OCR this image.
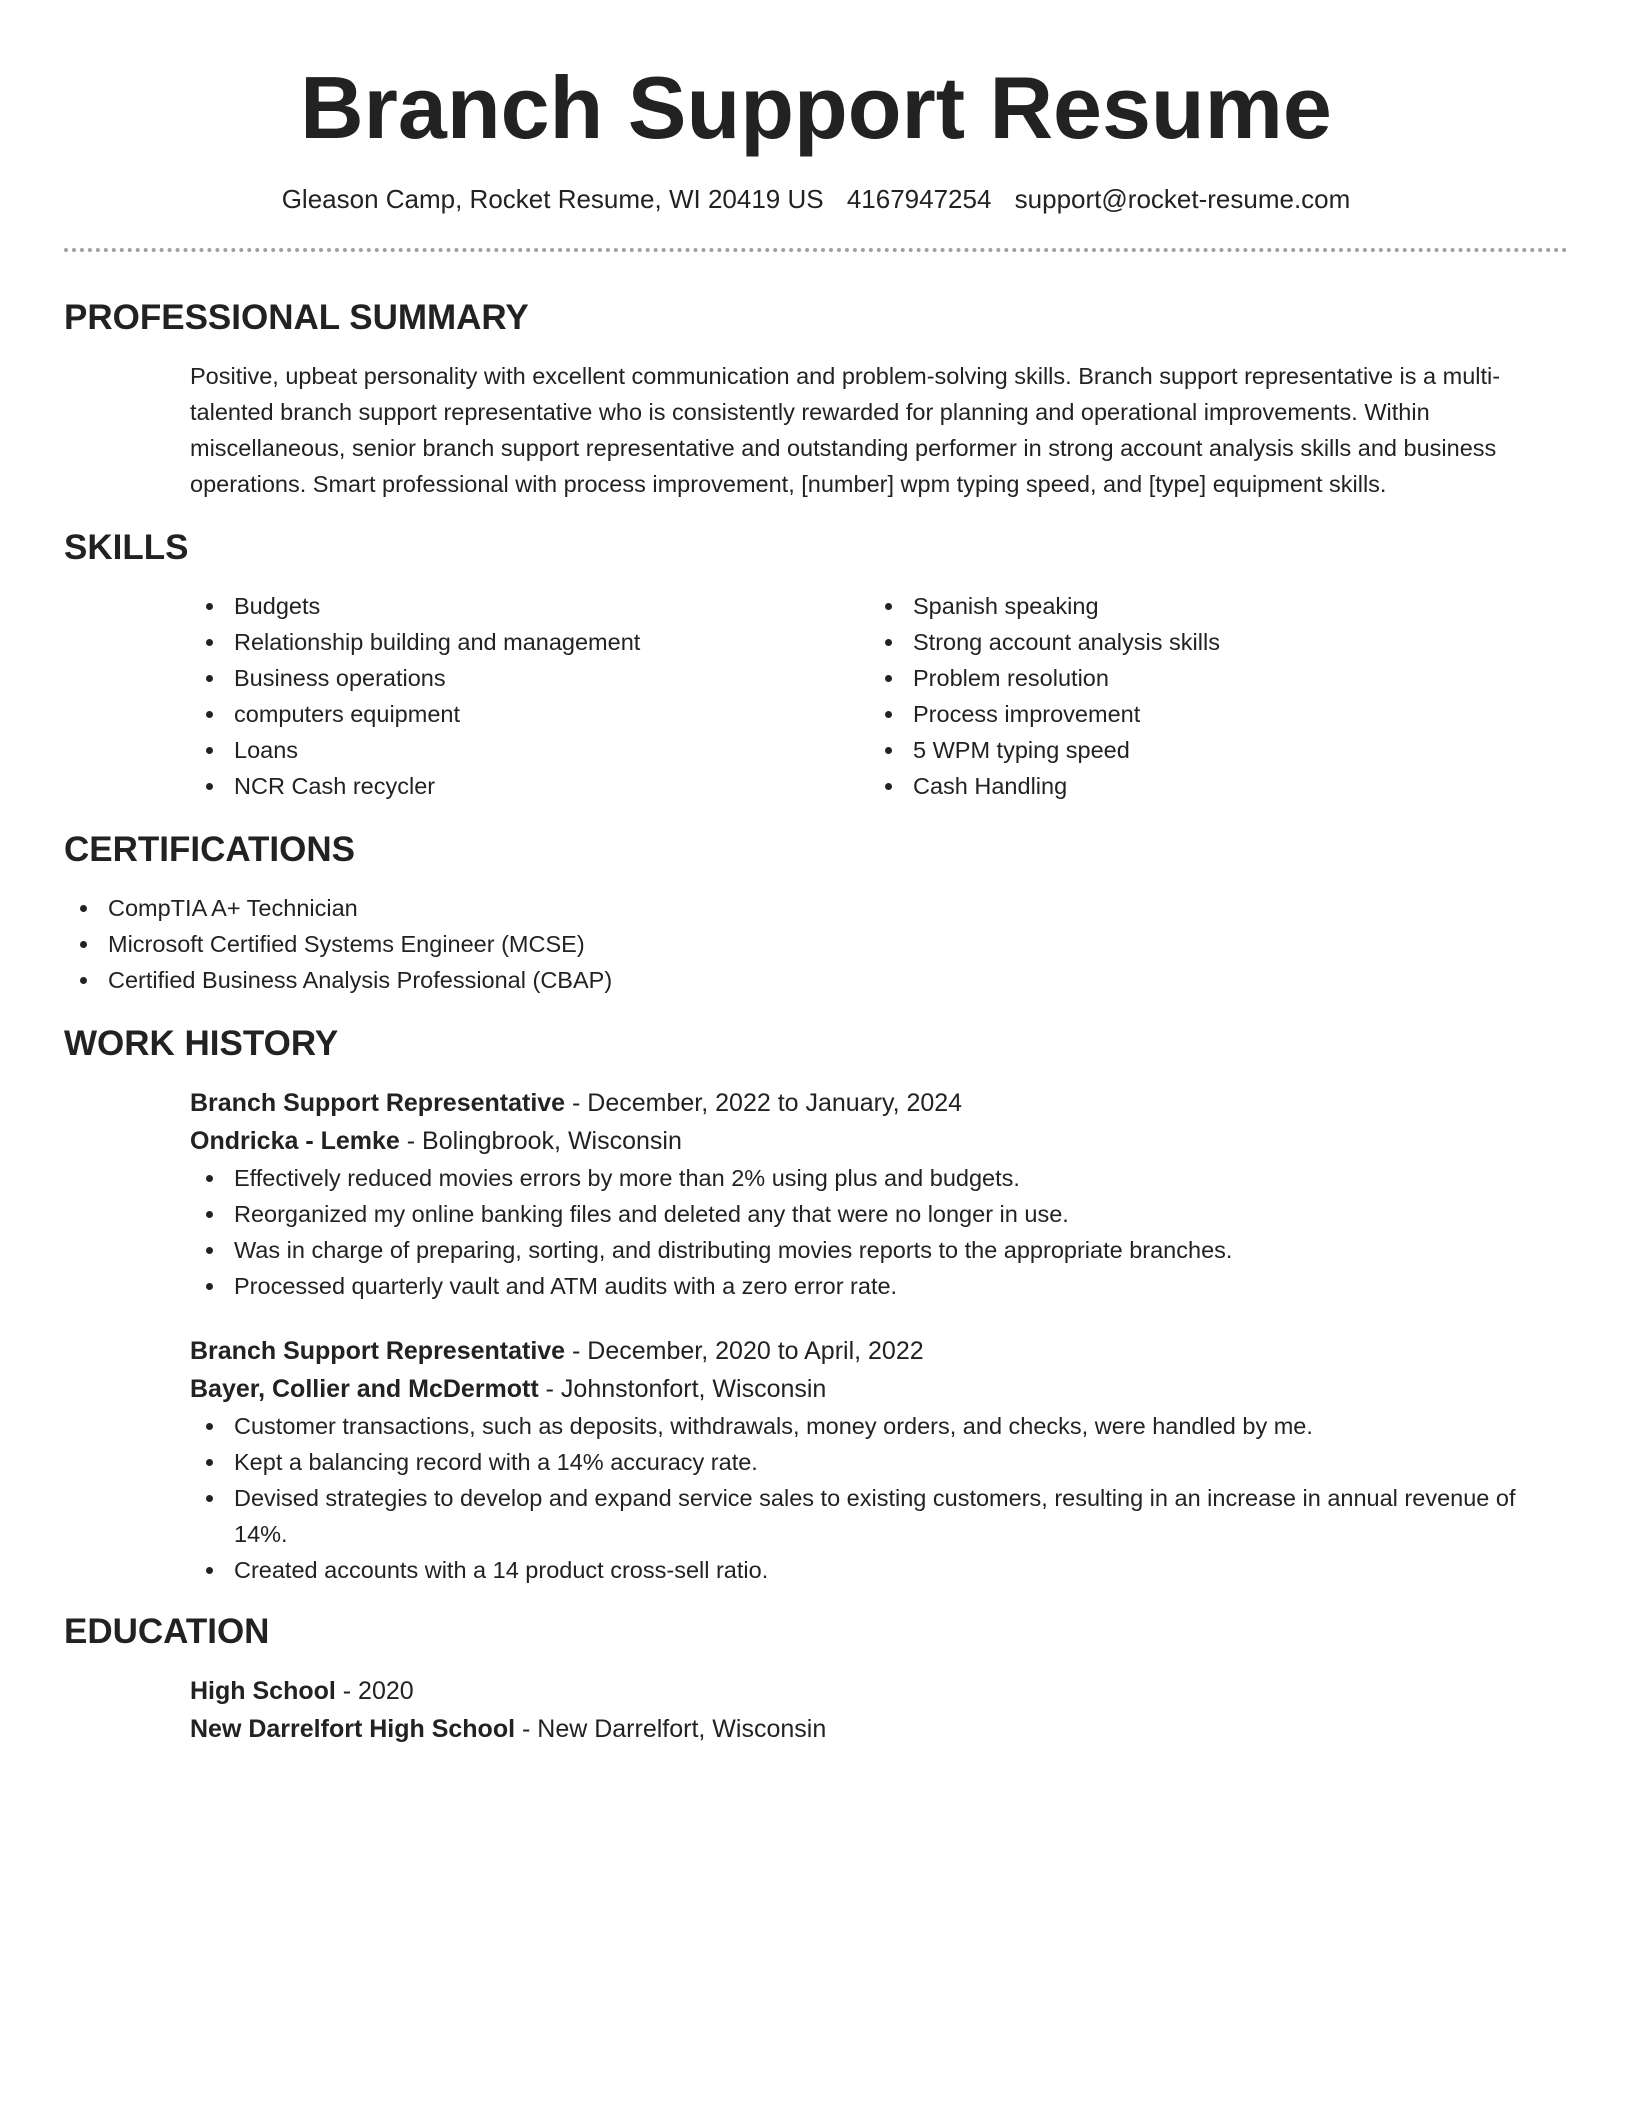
Branch Support Resume
Gleason Camp, Rocket Resume, WI 20419 US 4167947254 support@rocket-resume.com
PROFESSIONAL SUMMARY

Positive, upbeat personality with excellent communication and problem-solving skills. Branch support representative is a multi-talented branch support representative who is consistently rewarded for planning and operational improvements. Within miscellaneous, senior branch support representative and outstanding performer in strong account analysis skills and business operations. Smart professional with process improvement, [number] wpm typing speed, and [type] equipment skills.

SKILLS
Budgets
Relationship building and management
Business operations
computers equipment
Loans
NCR Cash recycler
Spanish speaking
Strong account analysis skills
Problem resolution
Process improvement
5 WPM typing speed
Cash Handling
CERTIFICATIONS
CompTIA A+ Technician
Microsoft Certified Systems Engineer (MCSE)
Certified Business Analysis Professional (CBAP)
WORK HISTORY

Branch Support Representative - December, 2022 to January, 2024

Ondricka - Lemke - Bolingbrook, Wisconsin

Effectively reduced movies errors by more than 2% using plus and budgets.
Reorganized my online banking files and deleted any that were no longer in use.
Was in charge of preparing, sorting, and distributing movies reports to the appropriate branches.
Processed quarterly vault and ATM audits with a zero error rate.

Branch Support Representative - December, 2020 to April, 2022

Bayer, Collier and McDermott - Johnstonfort, Wisconsin

Customer transactions, such as deposits, withdrawals, money orders, and checks, were handled by me.
Kept a balancing record with a 14% accuracy rate.
Devised strategies to develop and expand service sales to existing customers, resulting in an increase in annual revenue of 14%.
Created accounts with a 14 product cross-sell ratio.
EDUCATION

High School - 2020

New Darrelfort High School - New Darrelfort, Wisconsin
